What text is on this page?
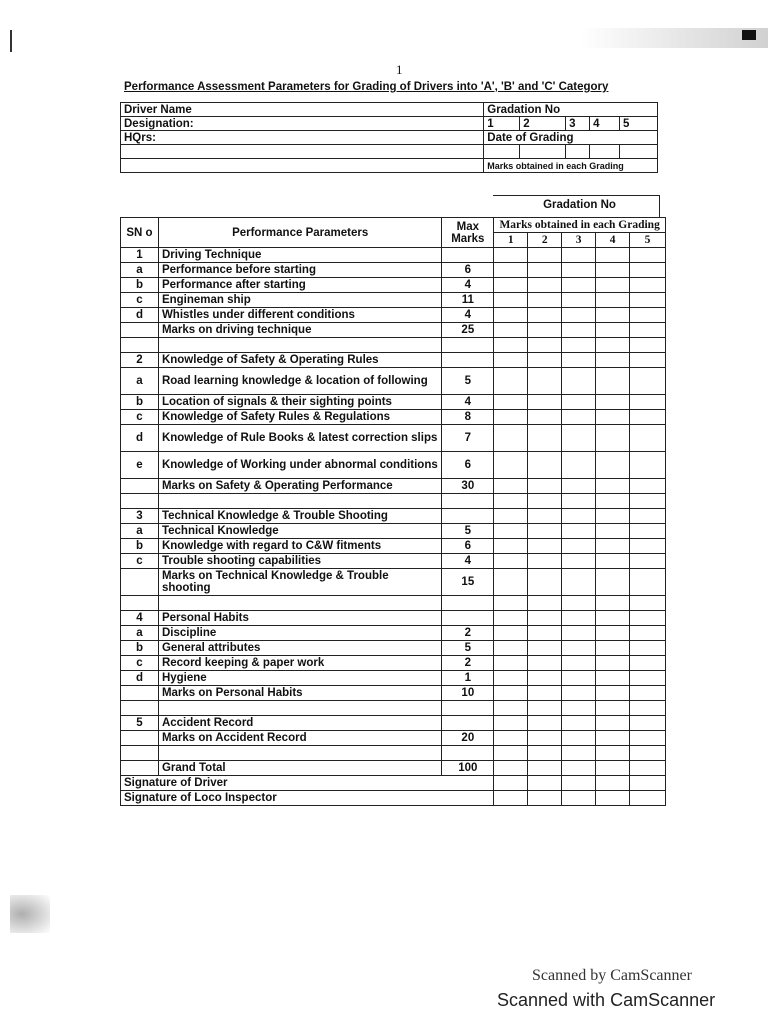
1
Performance Assessment Parameters for Grading of Drivers into 'A', 'B' and 'C' Category
Driver Name	Gradation No				
Designation:	1	2	3	4	5
HQrs:	Date of Grading				

	Marks obtained in each Grading				
Gradation No
SN o	Performance Parameters	Max Marks	Marks obtained in each Grading				
			1	2	3	4	5
1	Driving Technique						
a	Performance before starting	6					
b	Performance after starting	4					
c	Engineman ship	11					
d	Whistles under different conditions	4					
	Marks on driving technique	25					

2	Knowledge of Safety & Operating Rules						
a	Road learning knowledge & location of following	5					
b	Location of signals & their sighting points	4					
c	Knowledge of Safety Rules & Regulations	8					
d	Knowledge of Rule Books & latest correction slips	7					
e	Knowledge of Working under abnormal conditions	6					
	Marks on Safety & Operating Performance	30					

3	Technical Knowledge & Trouble Shooting						
a	Technical Knowledge	5					
b	Knowledge with regard to C&W fitments	6					
c	Trouble shooting capabilities	4					
	Marks on Technical Knowledge & Trouble shooting	15					

4	Personal Habits						
a	Discipline	2					
b	General attributes	5					
c	Record keeping & paper work	2					
d	Hygiene	1					
	Marks on Personal Habits	10					

5	Accident Record						
	Marks on Accident Record	20					

	Grand Total	100					
Signature of Driver							
Signature of Loco Inspector							
Scanned by CamScanner
Scanned with CamScanner
